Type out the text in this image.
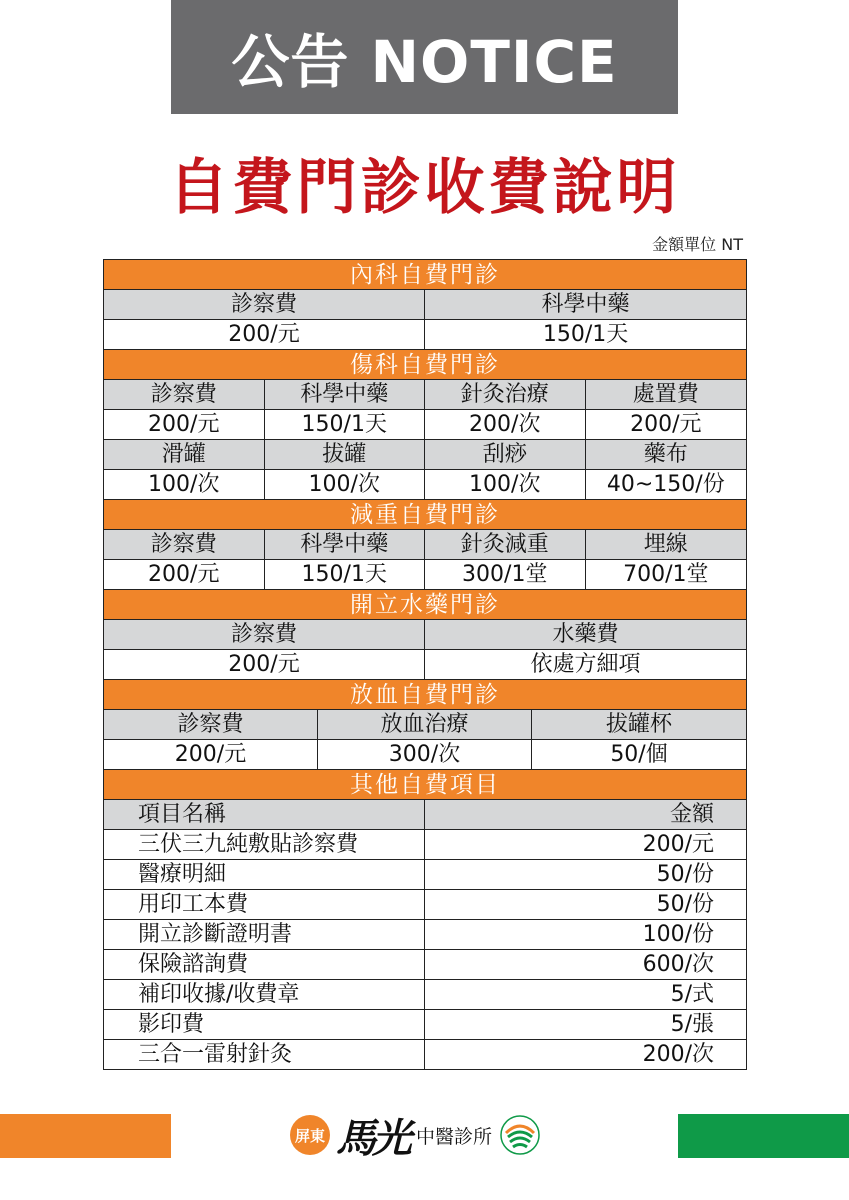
公告 NOTICE
自費門診收費說明
金額單位 NT
內科自費門診					
診察費			科學中藥		
200/元			150/1天		
傷科自費門診					
診察費	科學中藥		針灸治療		處置費
200/元	150/1天		200/次		200/元
滑罐	拔罐		刮痧		藥布
100/次	100/次		100/次		40~150/份
減重自費門診					
診察費	科學中藥		針灸減重		埋線
200/元	150/1天		300/1堂		700/1堂
開立水藥門診					
診察費			水藥費		
200/元			依處方細項		
放血自費門診					
診察費		放血治療		拔罐杯	
200/元		300/次		50/個	
其他自費項目					
項目名稱			金額		
三伏三九純敷貼診察費			200/元		
醫療明細			50/份		
用印工本費			50/份		
開立診斷證明書			100/份		
保險諮詢費			600/次		
補印收據/收費章			5/式		
影印費			5/張		
三合一雷射針灸			200/次		
屏東 馬光 中醫診所
